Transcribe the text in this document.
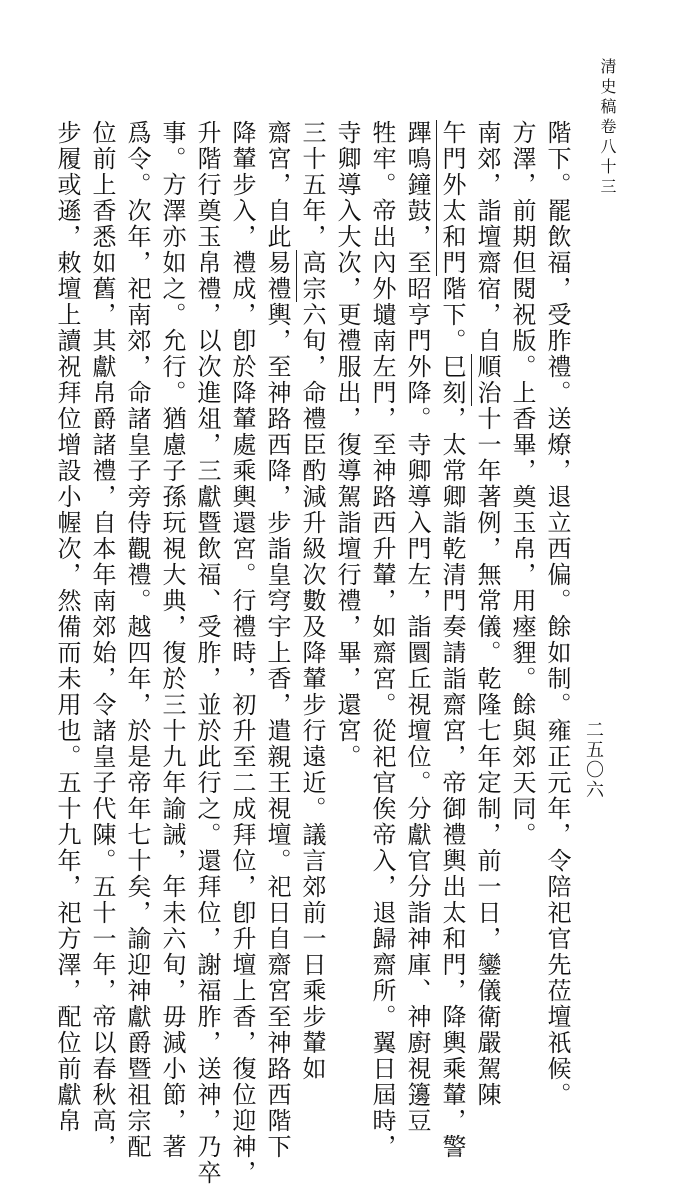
清史稿卷八十三
二五〇六
階下。罷飲福，受胙禮。送燎，退立西偏。餘如制。雍正元年，令陪祀官先莅壇祇候。
方澤，前期但閱祝版。上香畢，奠玉帛，用瘞貍。餘與郊天同。
南郊，詣壇齋宿，自順治十一年著例，無常儀。乾隆七年定制，前一日，鑾儀衛嚴駕陳
午門外太和門階下。巳刻，太常卿詣乾清門奏請詣齋宮，帝御禮輿出太和門，降輿乘輦，警
蹕鳴鐘鼓，至昭亨門外降。寺卿導入門左，詣圜丘視壇位。分獻官分詣神庫、神廚視籩豆
牲牢。帝出內外壝南左門，至神路西升輦，如齋宮。從祀官俟帝入，退歸齋所。翼日屆時，
寺卿導入大次，更禮服出，復導駕詣壇行禮，畢，還宮。
三十五年，高宗六旬，命禮臣酌減升級次數及降輦步行遠近。議言郊前一日乘步輦如
齋宮，自此易禮輿，至神路西降，步詣皇穹宇上香，遣親王視壇。祀日自齋宮至神路西階下
降輦步入，禮成，卽於降輦處乘輿還宮。行禮時，初升至二成拜位，卽升壇上香，復位迎神，
升階行奠玉帛禮，以次進俎，三獻暨飲福、受胙，並於此行之。還拜位，謝福胙，送神，乃卒
事。方澤亦如之。允行。猶慮子孫玩視大典，復於三十九年諭誡，年未六旬，毋減小節，著
爲令。次年，祀南郊，命諸皇子旁侍觀禮。越四年，於是帝年七十矣，諭迎神獻爵暨祖宗配
位前上香悉如舊，其獻帛爵諸禮，自本年南郊始，令諸皇子代陳。五十一年，帝以春秋高，
步履或遜，敕壇上讀祝拜位增設小幄次，然備而未用也。五十九年，祀方澤，配位前獻帛
